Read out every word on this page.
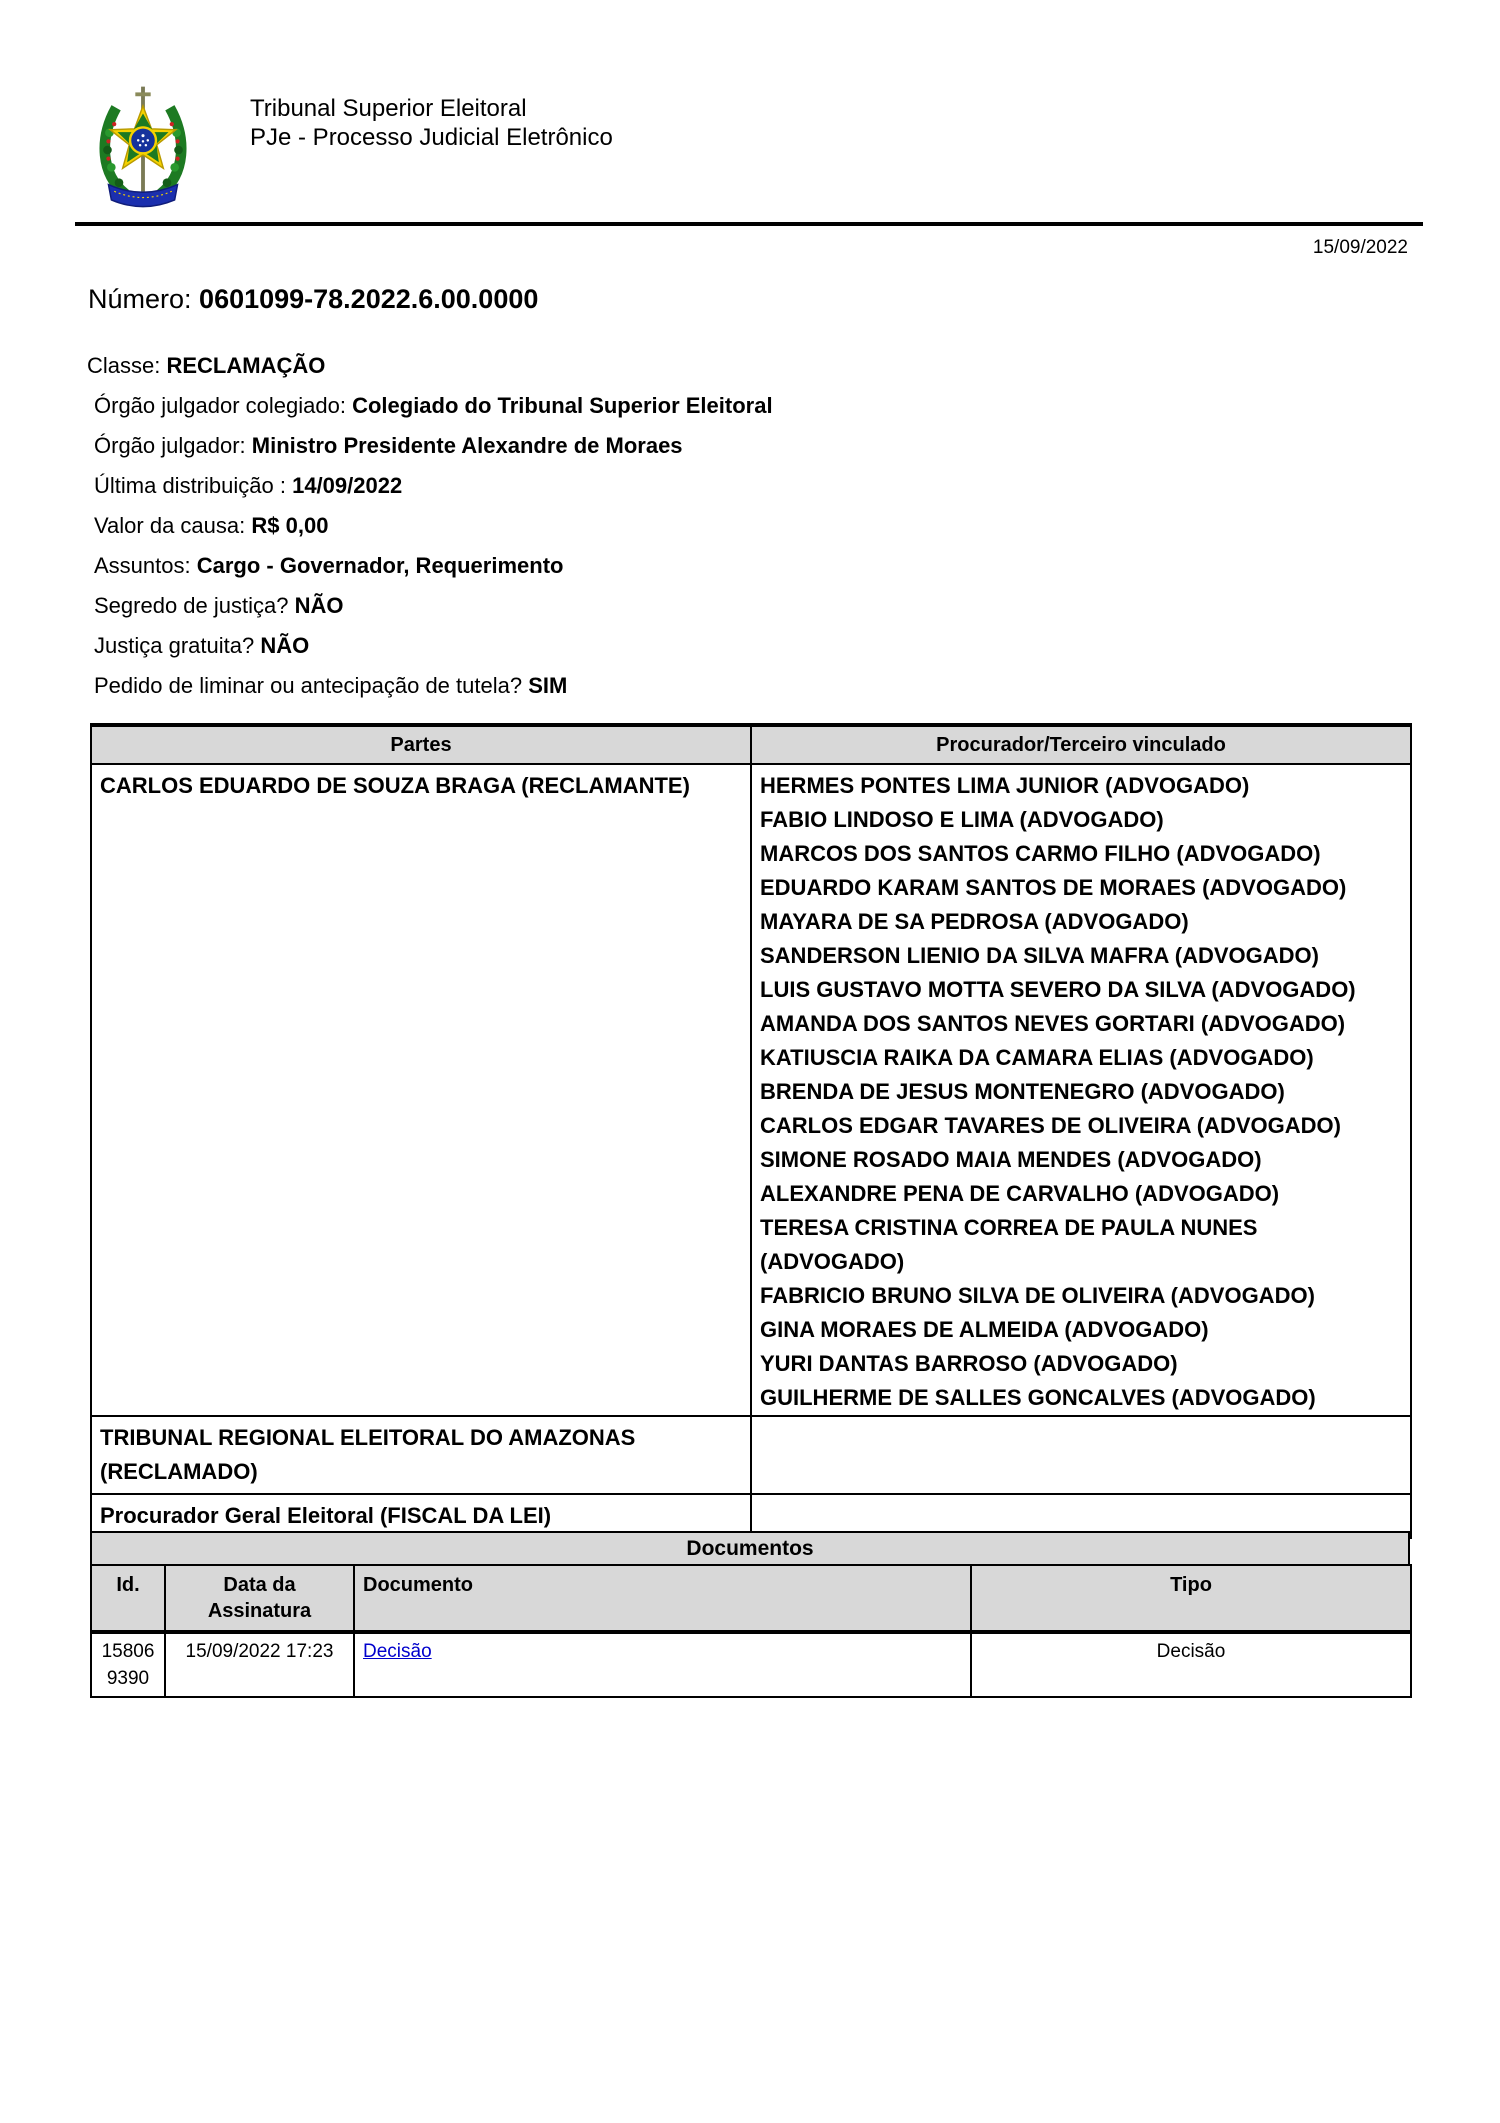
Tribunal Superior Eleitoral
PJe - Processo Judicial Eletrônico
15/09/2022
Número: 0601099-78.2022.6.00.0000
Classe: RECLAMAÇÃO
Órgão julgador colegiado: Colegiado do Tribunal Superior Eleitoral
Órgão julgador: Ministro Presidente Alexandre de Moraes
Última distribuição : 14/09/2022
Valor da causa: R$ 0,00
Assuntos: Cargo - Governador, Requerimento
Segredo de justiça? NÃO
Justiça gratuita? NÃO
Pedido de liminar ou antecipação de tutela? SIM
Partes	Procurador/Terceiro vinculado
CARLOS EDUARDO DE SOUZA BRAGA (RECLAMANTE)	HERMES PONTES LIMA JUNIOR (ADVOGADO)
FABIO LINDOSO E LIMA (ADVOGADO)
MARCOS DOS SANTOS CARMO FILHO (ADVOGADO)
EDUARDO KARAM SANTOS DE MORAES (ADVOGADO)
MAYARA DE SA PEDROSA (ADVOGADO)
SANDERSON LIENIO DA SILVA MAFRA (ADVOGADO)
LUIS GUSTAVO MOTTA SEVERO DA SILVA (ADVOGADO)
AMANDA DOS SANTOS NEVES GORTARI (ADVOGADO)
KATIUSCIA RAIKA DA CAMARA ELIAS (ADVOGADO)
BRENDA DE JESUS MONTENEGRO (ADVOGADO)
CARLOS EDGAR TAVARES DE OLIVEIRA (ADVOGADO)
SIMONE ROSADO MAIA MENDES (ADVOGADO)
ALEXANDRE PENA DE CARVALHO (ADVOGADO)
TERESA CRISTINA CORREA DE PAULA NUNES (ADVOGADO)
FABRICIO BRUNO SILVA DE OLIVEIRA (ADVOGADO)
GINA MORAES DE ALMEIDA (ADVOGADO)
YURI DANTAS BARROSO (ADVOGADO)
GUILHERME DE SALLES GONCALVES (ADVOGADO)

TRIBUNAL REGIONAL ELEITORAL DO AMAZONAS (RECLAMADO)	
Procurador Geral Eleitoral (FISCAL DA LEI)	
Documentos
Id.	Data da Assinatura	Documento	Tipo
158069390	15/09/2022 17:23	Decisão	Decisão
